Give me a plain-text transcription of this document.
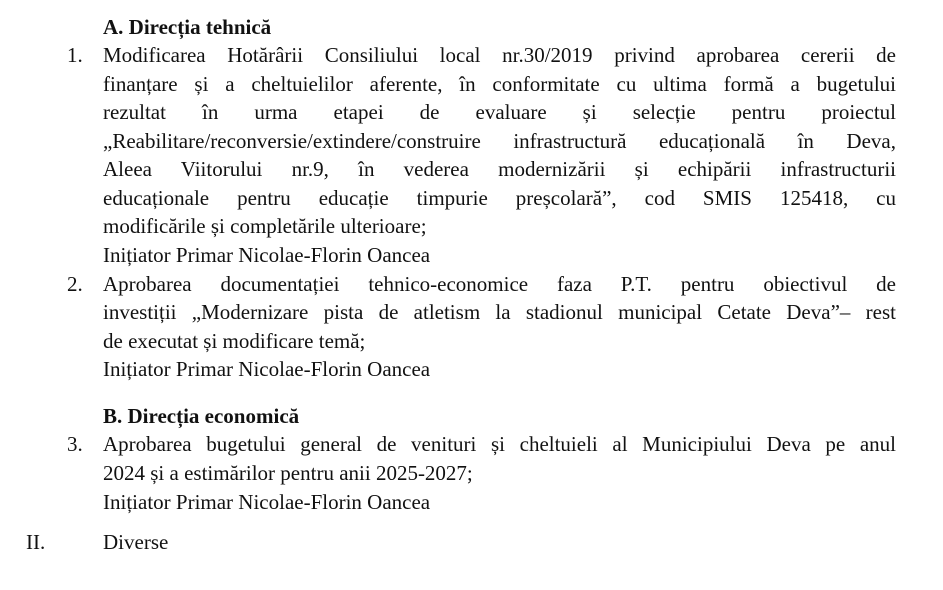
A. Direcția tehnică
1. Modificarea Hotărârii Consiliului local nr.30/2019 privind aprobarea cererii de
finanțare și a cheltuielilor aferente, în conformitate cu ultima formă a bugetului
rezultat în urma etapei de evaluare și selecție pentru proiectul
„Reabilitare/reconversie/extindere/construire infrastructură educațională în Deva,
Aleea Viitorului nr.9, în vederea modernizării și echipării infrastructurii
educaționale pentru educație timpurie preșcolară”, cod SMIS 125418, cu
modificările și completările ulterioare;
Inițiator Primar Nicolae-Florin Oancea
2. Aprobarea documentației tehnico-economice faza P.T. pentru obiectivul de
investiții „Modernizare pista de atletism la stadionul municipal Cetate Deva”– rest
de executat și modificare temă;
Inițiator Primar Nicolae-Florin Oancea
B. Direcția economică
3. Aprobarea bugetului general de venituri și cheltuieli al Municipiului Deva pe anul
2024 și a estimărilor pentru anii 2025-2027;
Inițiator Primar Nicolae-Florin Oancea
II.	Diverse
